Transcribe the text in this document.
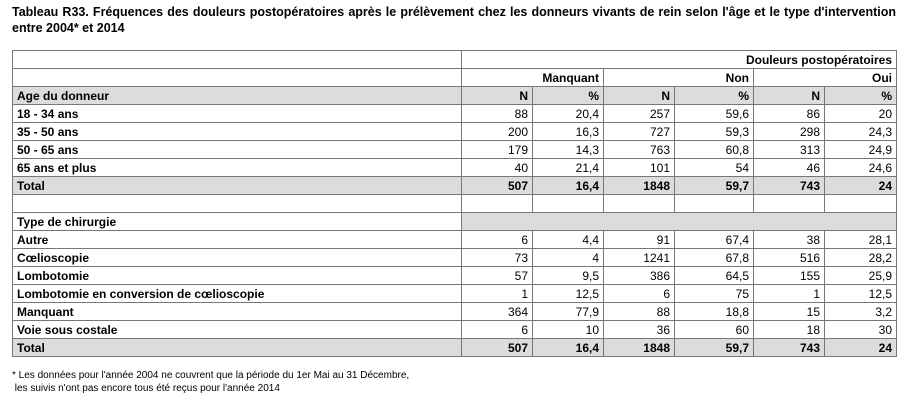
Tableau R33. Fréquences des douleurs postopératoires après le prélèvement chez les donneurs vivants de rein selon l'âge et le type d'intervention entre 2004* et 2014
	Douleurs postopératoires					
	Manquant		Non		Oui	
Age du donneur	N	%	N	%	N	%
18 - 34 ans	88	20,4	257	59,6	86	20
35 - 50 ans	200	16,3	727	59,3	298	24,3
50 - 65 ans	179	14,3	763	60,8	313	24,9
65 ans et plus	40	21,4	101	54	46	24,6
Total	507	16,4	1848	59,7	743	24

Type de chirurgie						
Autre	6	4,4	91	67,4	38	28,1
Cœlioscopie	73	4	1241	67,8	516	28,2
Lombotomie	57	9,5	386	64,5	155	25,9
Lombotomie en conversion de cœlioscopie	1	12,5	6	75	1	12,5
Manquant	364	77,9	88	18,8	15	3,2
Voie sous costale	6	10	36	60	18	30
Total	507	16,4	1848	59,7	743	24
* Les données pour l'année 2004 ne couvrent que la période du 1er Mai au 31 Décembre,
les suivis n'ont pas encore tous été reçus pour l'année 2014
